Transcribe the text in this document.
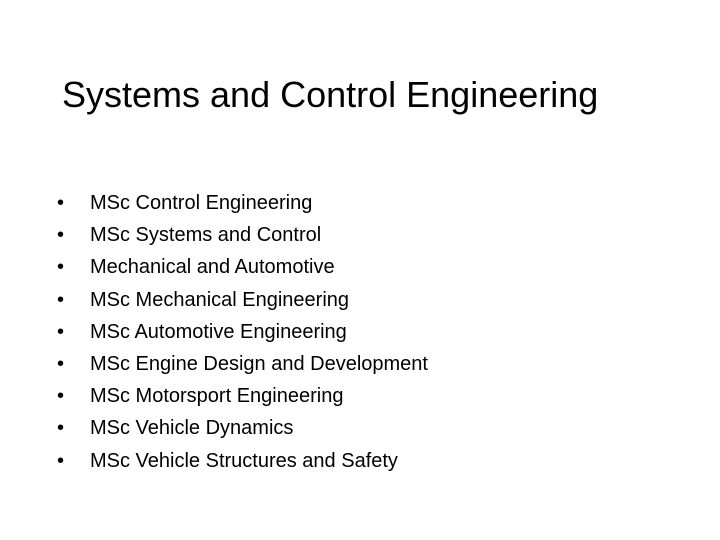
Systems and Control Engineering
•	MSc Control Engineering
•	MSc Systems and Control
•	Mechanical and Automotive
•	MSc Mechanical Engineering
•	MSc Automotive Engineering
•	MSc Engine Design and Development
•	MSc Motorsport Engineering
•	MSc Vehicle Dynamics
•	MSc Vehicle Structures and Safety
